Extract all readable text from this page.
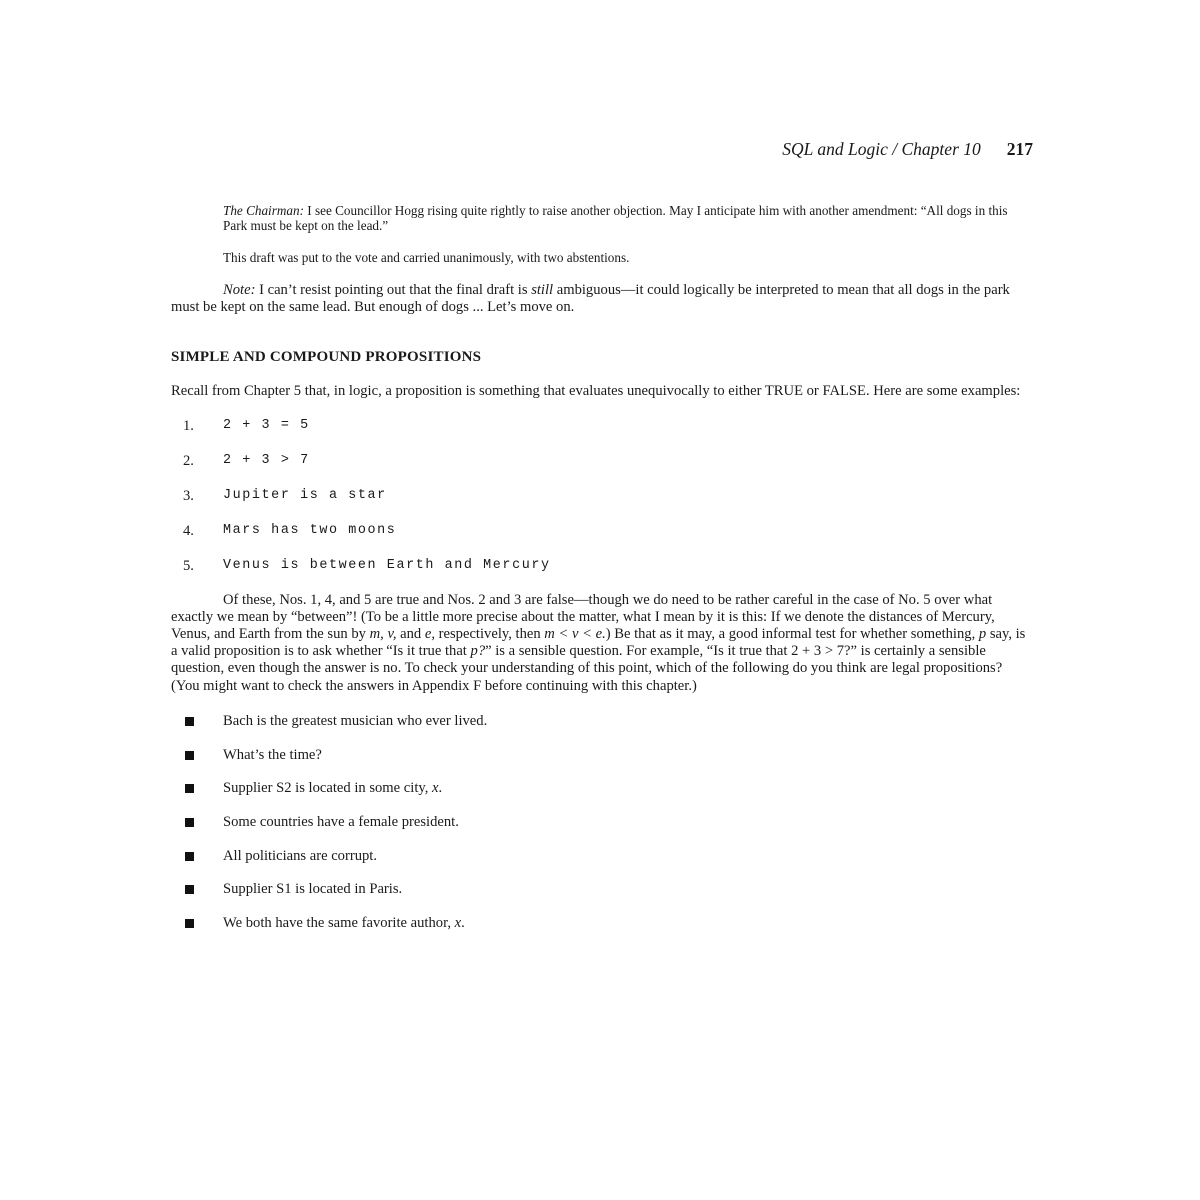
SQL and Logic / Chapter 10 217
The Chairman: I see Councillor Hogg rising quite rightly to raise another objection. May I anticipate him with another amendment: “All dogs in this Park must be kept on the lead.”
This draft was put to the vote and carried unanimously, with two abstentions.
Note: I can’t resist pointing out that the final draft is still ambiguous—it could logically be interpreted to mean that all dogs in the park must be kept on the same lead. But enough of dogs ... Let’s move on.
SIMPLE AND COMPOUND PROPOSITIONS
Recall from Chapter 5 that, in logic, a proposition is something that evaluates unequivocally to either TRUE or FALSE. Here are some examples:
1. 2 + 3 = 5
2. 2 + 3 > 7
3. Jupiter is a star
4. Mars has two moons
5. Venus is between Earth and Mercury
Of these, Nos. 1, 4, and 5 are true and Nos. 2 and 3 are false—though we do need to be rather careful in the case of No. 5 over what exactly we mean by “between”! (To be a little more precise about the matter, what I mean by it is this: If we denote the distances of Mercury, Venus, and Earth from the sun by m, v, and e, respectively, then m < v < e.) Be that as it may, a good informal test for whether something, p say, is a valid proposition is to ask whether “Is it true that p?” is a sensible question. For example, “Is it true that 2 + 3 > 7?” is certainly a sensible question, even though the answer is no. To check your understanding of this point, which of the following do you think are legal propositions? (You might want to check the answers in Appendix F before continuing with this chapter.)
Bach is the greatest musician who ever lived.
What’s the time?
Supplier S2 is located in some city, x.
Some countries have a female president.
All politicians are corrupt.
Supplier S1 is located in Paris.
We both have the same favorite author, x.
